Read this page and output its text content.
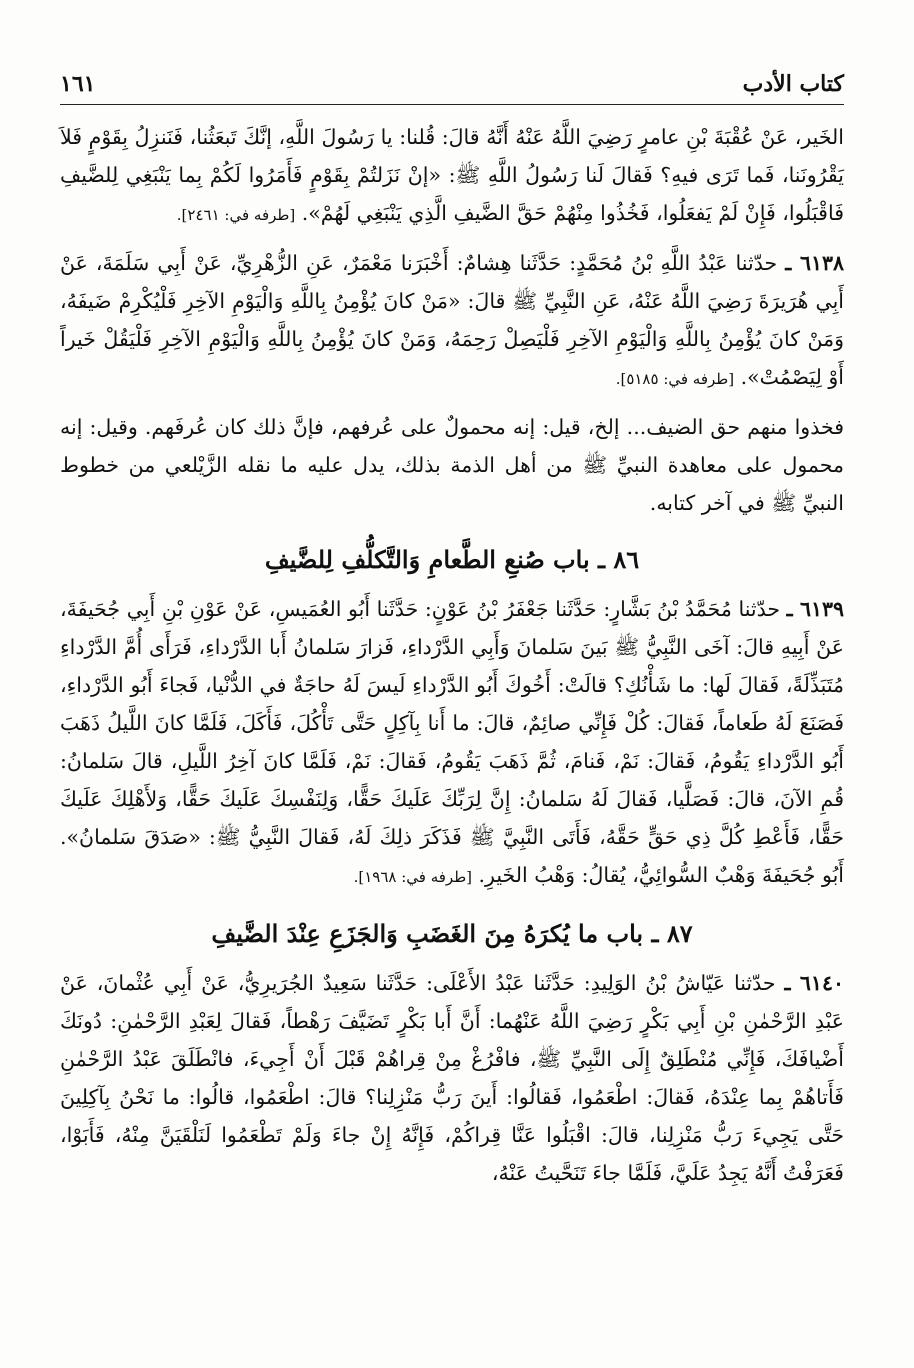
كتاب الأدب
١٦١

الخَير، عَنْ عُقْبَةَ بْنِ عامرٍ رَضِيَ اللَّهُ عَنْهُ أَنَّهُ قالَ: قُلنا: يا رَسُولَ اللَّهِ، إنَّكَ تَبعَثُنا، فَنَنزِلُ بِقَوْمٍ فَلاَ يَقْرُونَنا، فَما تَرَى فيهِ؟ فَقالَ لَنا رَسُولُ اللَّهِ ﷺ: «إنْ نَزَلتُمْ بِقَوْمٍ فَأَمَرُوا لَكُمْ بِما يَنْبَغِي لِلضَّيفِ فَاقْبَلُوا، فَإِنْ لَمْ يَفعَلُوا، فَخُذُوا مِنْهُمْ حَقَّ الضَّيفِ الَّذِي يَنْبَغِي لَهُمْ». [طرفه في: ٢٤٦١].

٦١٣٨ ـ حدّثنا عَبْدُ اللَّهِ بْنُ مُحَمَّدٍ: حَدَّثَنا هِشامٌ: أَخْبَرَنا مَعْمَرٌ، عَنِ الزُّهْرِيِّ، عَنْ أَبِي سَلَمَةَ، عَنْ أَبِي هُرَيرَةَ رَضِيَ اللَّهُ عَنْهُ، عَنِ النَّبِيِّ ﷺ قالَ: «مَنْ كانَ يُؤْمِنُ بِاللَّهِ وَالْيَوْمِ الآخِرِ فَلْيُكْرِمْ ضَيفَهُ، وَمَنْ كانَ يُؤْمِنُ بِاللَّهِ وَالْيَوْمِ الآخِرِ فَلْيَصِلْ رَحِمَهُ، وَمَنْ كانَ يُؤْمِنُ بِاللَّهِ وَالْيَوْمِ الآخِرِ فَلْيَقُلْ خَيراً أَوْ لِيَصْمُتْ». [طرفه في: ٥١٨٥].

فخذوا منهم حق الضيف... إلخ، قيل: إنه محمولٌ على عُرفهم، فإنَّ ذلك كان عُرفَهم. وقيل: إنه محمول على معاهدة النبيِّ ﷺ من أهل الذمة بذلك، يدل عليه ما نقله الزَّيْلعي من خطوط النبيِّ ﷺ في آخر كتابه.

٨٦ ـ باب صُنعِ الطَّعامِ وَالتَّكلُّفِ لِلضَّيفِ

٦١٣٩ ـ حدّثنا مُحَمَّدُ بْنُ بَشَّارٍ: حَدَّثَنا جَعْفَرُ بْنُ عَوْنٍ: حَدَّثَنا أَبُو العُمَيسِ، عَنْ عَوْنِ بْنِ أَبِي جُحَيفَةَ، عَنْ أَبِيهِ قالَ: آخَى النَّبِيُّ ﷺ بَينَ سَلمانَ وَأَبِي الدَّرْداءِ، فَزارَ سَلمانُ أَبا الدَّرْداءِ، فَرَأَى أُمَّ الدَّرْداءِ مُتَبَذِّلَةً، فَقالَ لَها: ما شَأْنُكِ؟ قالَتْ: أَخُوكَ أَبُو الدَّرْداءِ لَيسَ لَهُ حاجَةٌ في الدُّنْيا، فَجاءَ أَبُو الدَّرْداءِ، فَصَنَعَ لَهُ طَعاماً، فَقالَ: كُلْ فَإِنِّي صائِمٌ، قالَ: ما أَنا بِآكِلٍ حَتَّى تَأْكُلَ، فَأَكَلَ، فَلَمَّا كانَ اللَّيلُ ذَهَبَ أَبُو الدَّرْداءِ يَقُومُ، فَقالَ: نَمْ، فَنامَ، ثُمَّ ذَهَبَ يَقُومُ، فَقالَ: نَمْ، فَلَمَّا كانَ آخِرُ اللَّيلِ، قالَ سَلمانُ: قُمِ الآنَ، قالَ: فَصَلَّيا، فَقالَ لَهُ سَلمانُ: إِنَّ لِرَبِّكَ عَلَيكَ حَقًّا، وَلِنَفْسِكَ عَلَيكَ حَقًّا، وَلأَهْلِكَ عَلَيكَ حَقًّا، فَأَعْطِ كُلَّ ذِي حَقٍّ حَقَّهُ، فَأَتَى النَّبِيَّ ﷺ فَذَكَرَ ذلِكَ لَهُ، فَقالَ النَّبِيُّ ﷺ: «صَدَقَ سَلمانُ». أَبُو جُحَيفَةَ وَهْبٌ السُّوائِيُّ، يُقالُ: وَهْبُ الخَيرِ. [طرفه في: ١٩٦٨].

٨٧ ـ باب ما يُكرَهُ مِنَ الغَضَبِ وَالجَزَعِ عِنْدَ الضَّيفِ

٦١٤٠ ـ حدّثنا عَيّاشُ بْنُ الوَلِيدِ: حَدَّثَنا عَبْدُ الأَعْلَى: حَدَّثَنا سَعِيدٌ الجُرَيرِيُّ، عَنْ أَبِي عُثْمانَ، عَنْ عَبْدِ الرَّحْمٰنِ بْنِ أَبِي بَكْرٍ رَضِيَ اللَّهُ عَنْهُما: أَنَّ أَبا بَكْرٍ تَضَيَّفَ رَهْطاً، فَقالَ لِعَبْدِ الرَّحْمٰنِ: دُونَكَ أَضْيافَكَ، فَإِنِّي مُنْطَلِقٌ إِلَى النَّبِيِّ ﷺ، فافْرُغْ مِنْ قِراهُمْ قَبْلَ أَنْ أَجِيءَ، فانْطَلَقَ عَبْدُ الرَّحْمٰنِ فَأَتاهُمْ بِما عِنْدَهُ، فَقالَ: اطْعَمُوا، فَقالُوا: أَينَ رَبُّ مَنْزِلِنا؟ قالَ: اطْعَمُوا، قالُوا: ما نَحْنُ بِآكِلِينَ حَتَّى يَجِيءَ رَبُّ مَنْزِلِنا، قالَ: اقْبَلُوا عَنَّا قِراكُمْ، فَإِنَّهُ إِنْ جاءَ وَلَمْ تَطْعَمُوا لَنَلْقَيَنَّ مِنْهُ، فَأَبَوْا، فَعَرَفْتُ أَنَّهُ يَجِدُ عَلَيَّ، فَلَمَّا جاءَ تَنَحَّيتُ عَنْهُ،
